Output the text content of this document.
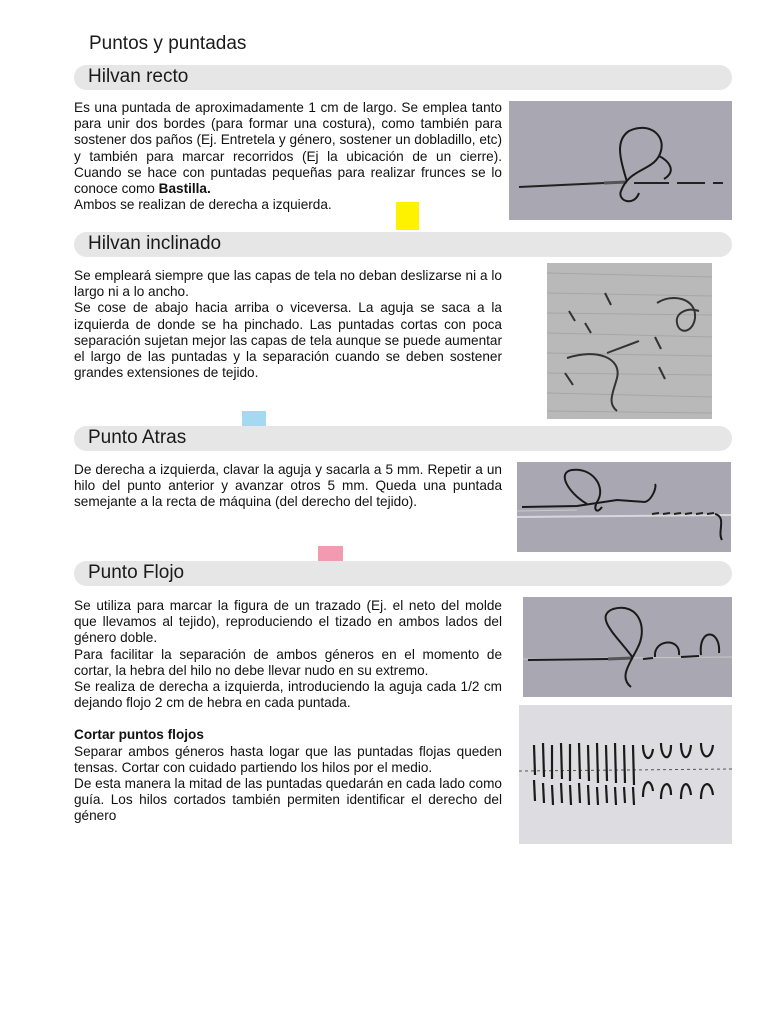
Puntos y puntadas
Hilvan recto

Es una puntada de aproximadamente 1 cm de largo. Se emplea tanto para unir dos bordes (para formar una costura), como también para sostener dos paños (Ej. Entretela y género, sostener un dobladillo, etc) y también para marcar recorridos (Ej la ubicación de un cierre). Cuando se hace con puntadas pequeñas para realizar frunces se lo conoce como Bastilla.

Ambos se realizan de derecha a izquierda.

Hilvan inclinado

Se empleará siempre que las capas de tela no deban deslizarse ni a lo largo ni a lo ancho.

Se cose de abajo hacia arriba o viceversa. La aguja se saca a la izquierda de donde se ha pinchado. Las puntadas cortas con poca separación sujetan mejor las capas de tela aunque se puede aumentar el largo de las puntadas y la separación cuando se deben sostener grandes extensiones de tejido.

Punto Atras

De derecha a izquierda, clavar la aguja y sacarla a 5 mm. Repetir a un hilo del punto anterior y avanzar otros 5 mm. Queda una puntada semejante a la recta de máquina (del derecho del tejido).

Punto Flojo

Se utiliza para marcar la figura de un trazado (Ej. el neto del molde que llevamos al tejido), reproduciendo el tizado en ambos lados del género doble.

Para facilitar la separación de ambos géneros en el momento de cortar, la hebra del hilo no debe llevar nudo en su extremo.

Se realiza de derecha a izquierda, introduciendo la aguja cada 1/2 cm dejando flojo 2 cm de hebra en cada puntada.

Cortar puntos flojos

Separar ambos géneros hasta logar que las puntadas flojas queden tensas. Cortar con cuidado partiendo los hilos por el medio.

De esta manera la mitad de las puntadas quedarán en cada lado como guía. Los hilos cortados también permiten identificar el derecho del género
